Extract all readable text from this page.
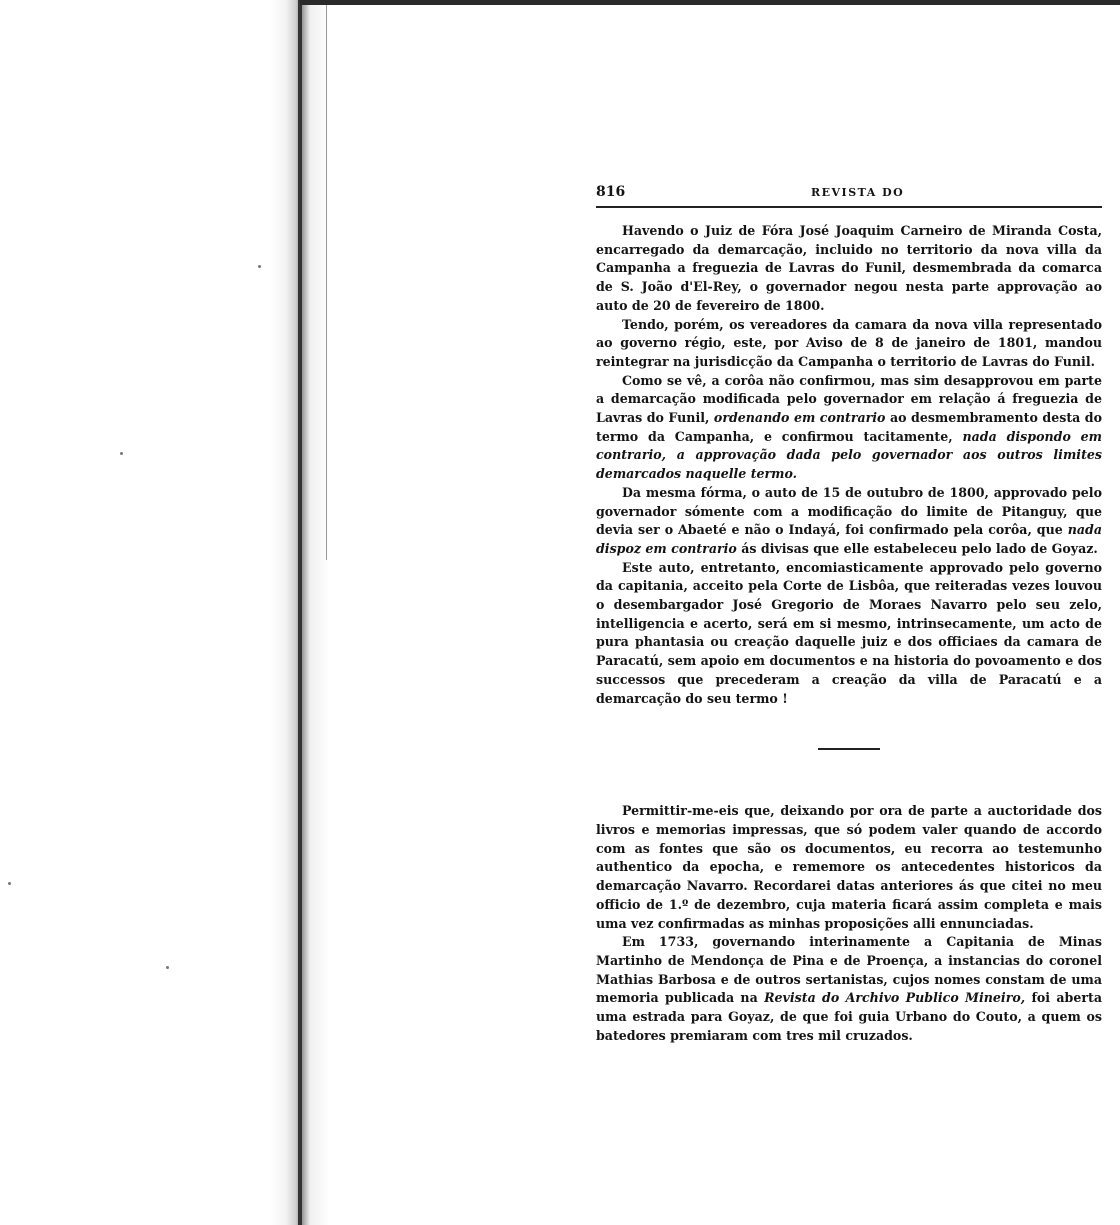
816	REVISTA DO

Havendo o Juiz de Fóra José Joaquim Carneiro de Miranda Costa, encarregado da demarcação, incluido no territorio da nova villa da Campanha a freguezia de Lavras do Funil, desmembrada da comarca de S. João d'El-Rey, o governador negou nesta parte approvação ao auto de 20 de fevereiro de 1800.

Tendo, porém, os vereadores da camara da nova villa representado ao governo régio, este, por Aviso de 8 de janeiro de 1801, mandou reintegrar na jurisdicção da Campanha o territorio de Lavras do Funil.

Como se vê, a corôa não confirmou, mas sim desapprovou em parte a demarcação modificada pelo governador em relação á freguezia de Lavras do Funil, ordenando em contrario ao desmembramento desta do termo da Campanha, e confirmou tacitamente, nada dispondo em contrario, a approvação dada pelo governador aos outros limites demarcados naquelle termo.

Da mesma fórma, o auto de 15 de outubro de 1800, approvado pelo governador sómente com a modificação do limite de Pitanguy, que devia ser o Abaeté e não o Indayá, foi confirmado pela corôa, que nada dispoz em contrario ás divisas que elle estabeleceu pelo lado de Goyaz.

Este auto, entretanto, encomiasticamente approvado pelo governo da capitania, acceito pela Corte de Lisbôa, que reiteradas vezes louvou o desembargador José Gregorio de Moraes Navarro pelo seu zelo, intelligencia e acerto, será em si mesmo, intrinsecamente, um acto de pura phantasia ou creação daquelle juiz e dos officiaes da camara de Paracatú, sem apoio em documentos e na historia do povoamento e dos successos que precederam a creação da villa de Paracatú e a demarcação do seu termo !

Permittir-me-eis que, deixando por ora de parte a auctoridade dos livros e memorias impressas, que só podem valer quando de accordo com as fontes que são os documentos, eu recorra ao testemunho authentico da epocha, e rememore os antecedentes historicos da demarcação Navarro. Recordarei datas anteriores ás que citei no meu officio de 1.º de dezembro, cuja materia ficará assim completa e mais uma vez confirmadas as minhas proposições alli ennunciadas.

Em 1733, governando interinamente a Capitania de Minas Martinho de Mendonça de Pina e de Proença, a instancias do coronel Mathias Barbosa e de outros sertanistas, cujos nomes constam de uma memoria publicada na Revista do Archivo Publico Mineiro, foi aberta uma estrada para Goyaz, de que foi guia Urbano do Couto, a quem os batedores premiaram com tres mil cruzados.
